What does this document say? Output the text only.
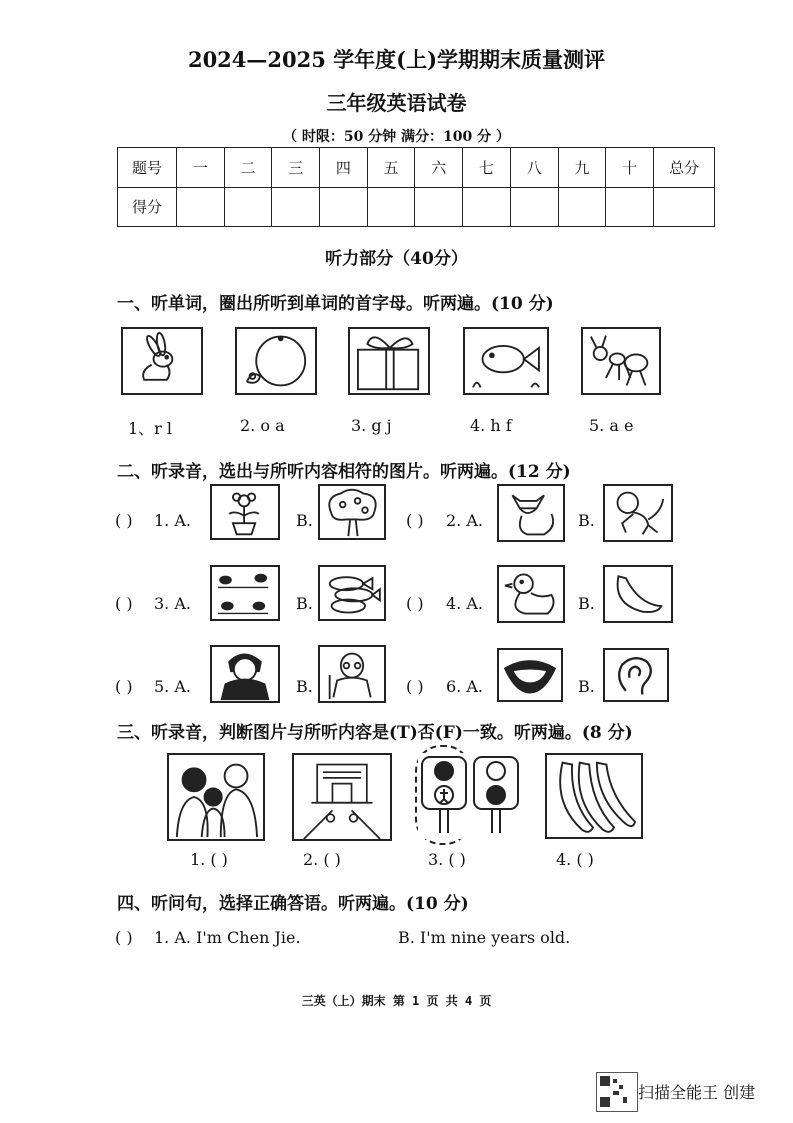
2024—2025 学年度(上)学期期末质量测评
三年级英语试卷
（ 时限：50 分钟 满分：100 分 ）
题号	一	二	三	四	五	六	七	八	九	十	总分
得分											
听力部分（40分）
一、听单词，圈出所听到单词的首字母。听两遍。(10 分)
1、r l	2. o a	3. g j	4. h f	5. a e
二、听录音，选出与所听内容相符的图片。听两遍。(12 分)
( ) 1. A.	B.	( ) 2. A.	B.
( ) 3. A.	B.	( ) 4. A.	B.
( ) 5. A.	B.	( ) 6. A.	B.
三、听录音，判断图片与所听内容是(T)否(F)一致。听两遍。(8 分)
1. ( )	2. ( )	3. ( )	4. ( )
四、听问句，选择正确答语。听两遍。(10 分)
( ) 1. A. I'm Chen Jie.	B. I'm nine years old.
三英（上）期末 第 1 页 共 4 页
扫描全能王 创建
